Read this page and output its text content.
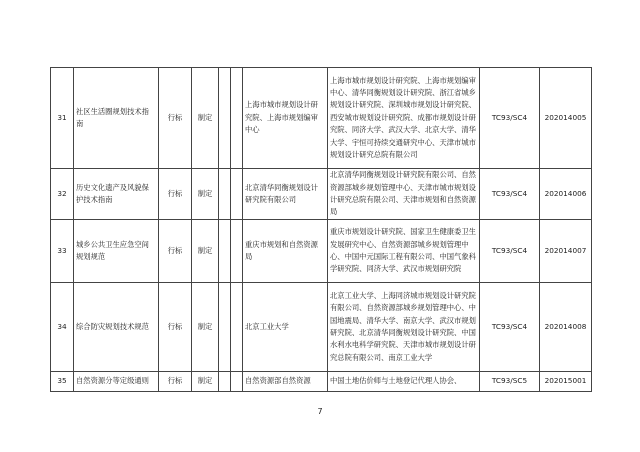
31	社区生活圈规划技术指南	行标	制定			上海市城市规划设计研究院、上海市规划编审中心	上海市城市规划设计研究院、上海市规划编审中心、清华同衡规划设计研究院、浙江省城乡规划设计研究院、深圳城市规划设计研究院、西安城市规划设计研究院、成都市规划设计研究院、同济大学、武汉大学、北京大学、清华大学、宇恒可持续交通研究中心、天津市城市规划设计研究总院有限公司	TC93/SC4	202014005
32	历史文化遗产及风貌保护技术指南	行标	制定			北京清华同衡规划设计研究院有限公司	北京清华同衡规划设计研究院有限公司、自然资源部城乡规划管理中心、天津市城市规划设计研究总院有限公司、天津市规划和自然资源局	TC93/SC4	202014006
33	城乡公共卫生应急空间规划规范	行标	制定			重庆市规划和自然资源局	重庆市规划设计研究院、国家卫生健康委卫生发展研究中心、自然资源部城乡规划管理中心、中国中元国际工程有限公司、中国气象科学研究院、同济大学、武汉市规划研究院	TC93/SC4	202014007
34	综合防灾规划技术规范	行标	制定			北京工业大学	北京工业大学、上海同济城市规划设计研究院有限公司、自然资源部城乡规划管理中心、中国地震局、清华大学、南京大学、武汉市规划研究院、北京清华同衡规划设计研究院、中国水利水电科学研究院、天津市城市规划设计研究总院有限公司、南京工业大学	TC93/SC4	202014008
35	自然资源分等定级通则	行标	制定			自然资源部自然资源	中国土地估价师与土地登记代理人协会、	TC93/SC5	202015001
7
